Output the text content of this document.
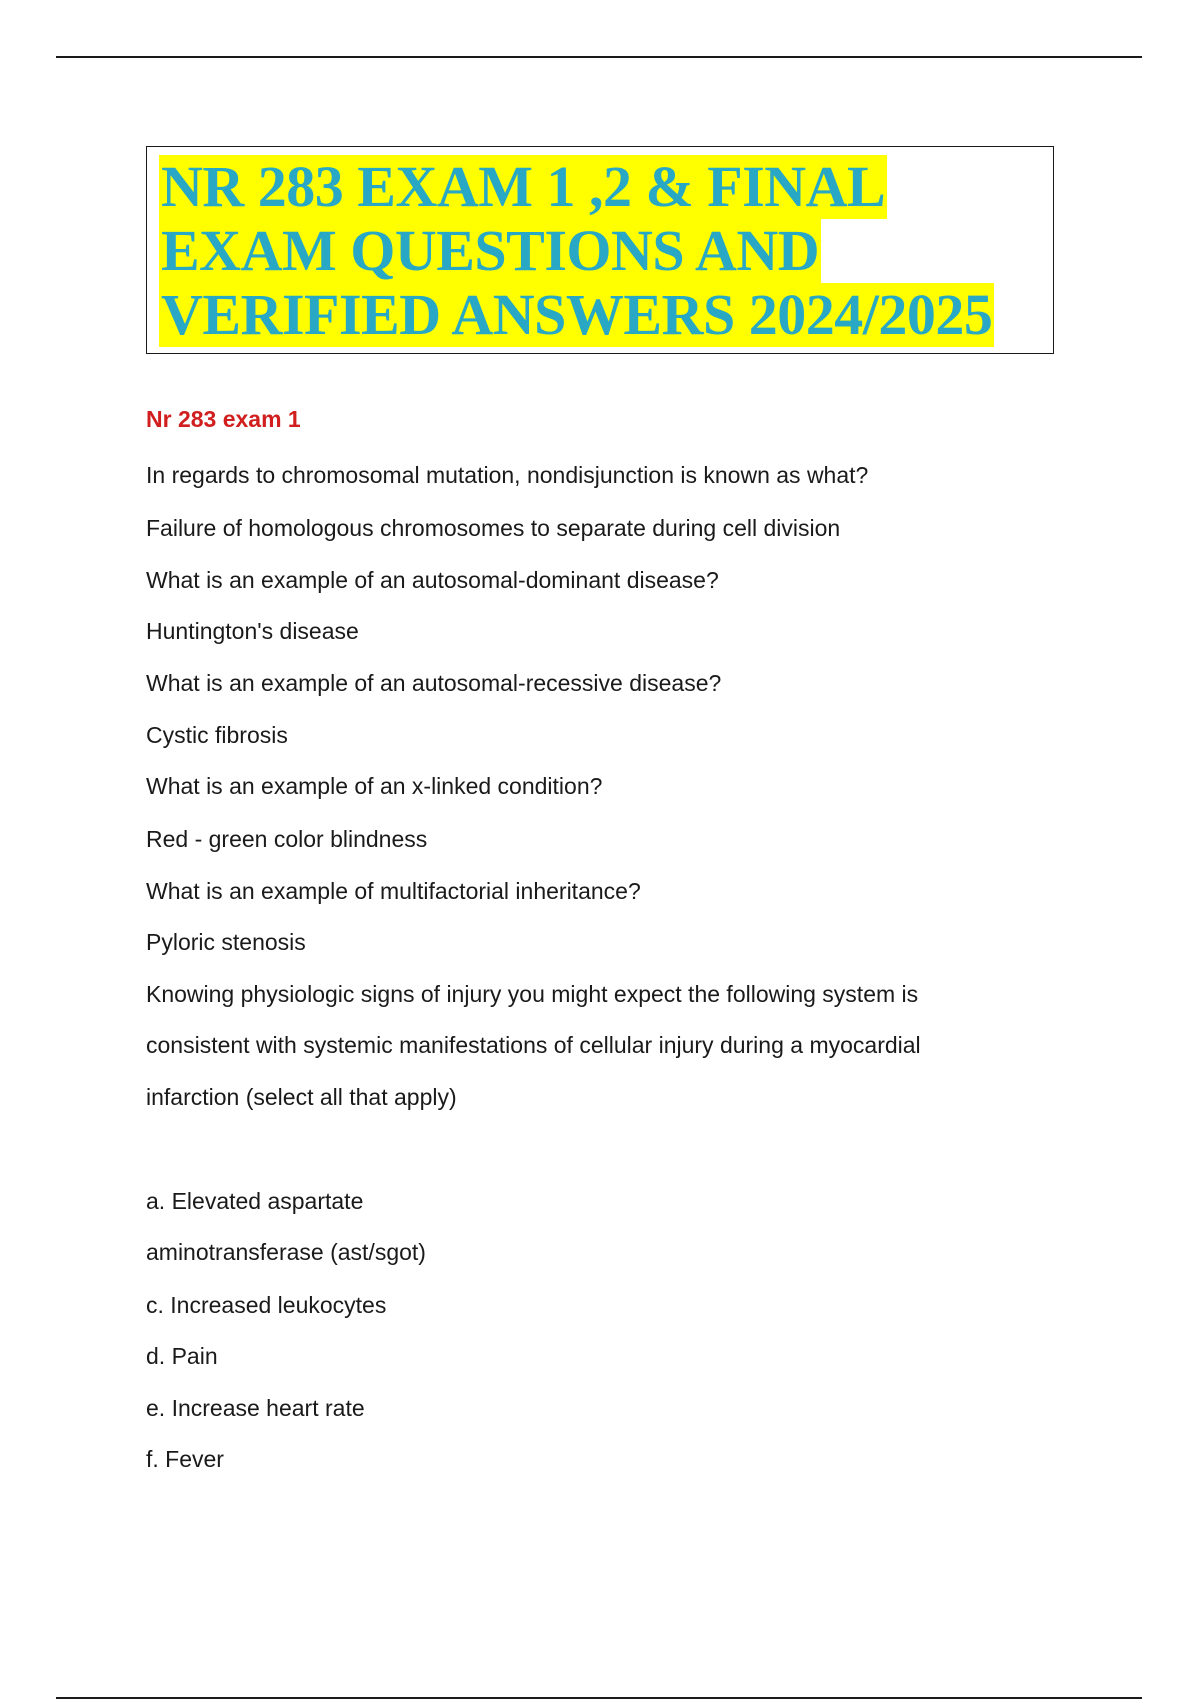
NR 283 EXAM 1 ,2 & FINAL
EXAM QUESTIONS AND
VERIFIED ANSWERS 2024/2025
Nr 283 exam 1

In regards to chromosomal mutation, nondisjunction is known as what?

Failure of homologous chromosomes to separate during cell division

What is an example of an autosomal-dominant disease?

Huntington's disease

What is an example of an autosomal-recessive disease?

Cystic fibrosis

What is an example of an x-linked condition?

Red - green color blindness

What is an example of multifactorial inheritance?

Pyloric stenosis

Knowing physiologic signs of injury you might expect the following system is

consistent with systemic manifestations of cellular injury during a myocardial

infarction (select all that apply)

a. Elevated aspartate

aminotransferase (ast/sgot)

c. Increased leukocytes

d. Pain

e. Increase heart rate

f. Fever
